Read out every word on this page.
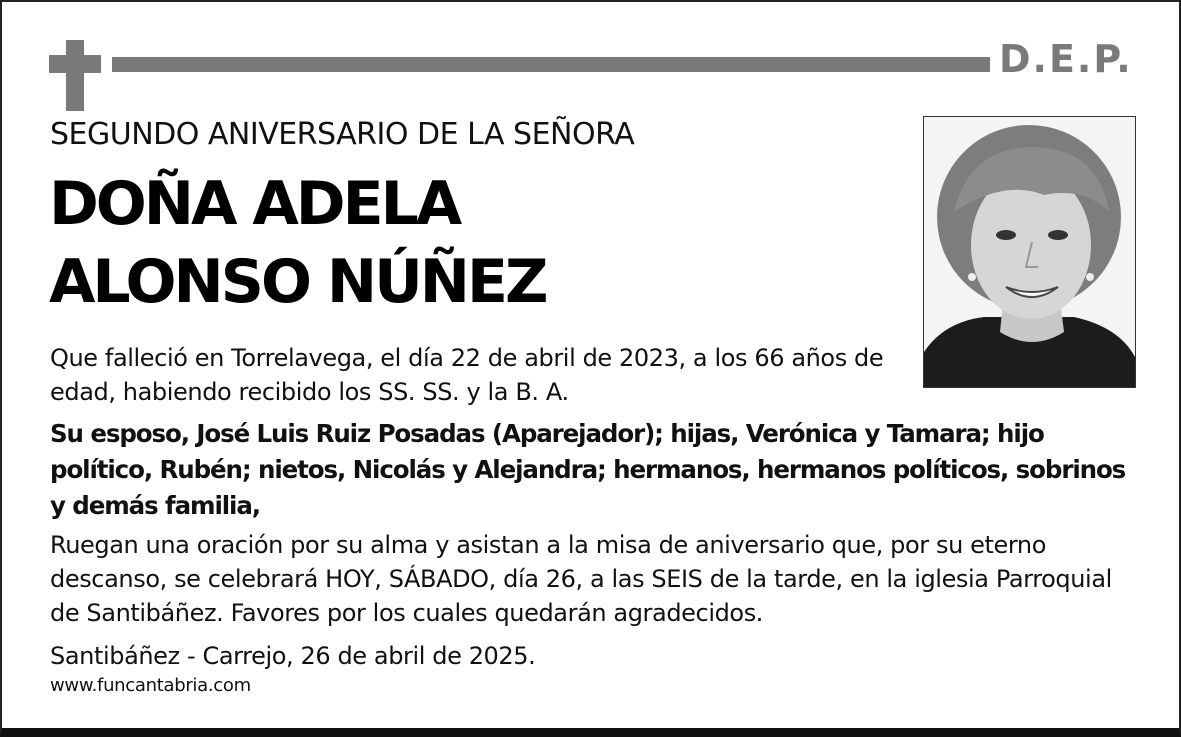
D.E.P.
SEGUNDO ANIVERSARIO DE LA SEÑORA
DOÑA ADELA
ALONSO NÚÑEZ
Que falleció en Torrelavega, el día 22 de abril de 2023, a los 66 años de edad, habiendo recibido los SS. SS. y la B. A.
Su esposo, José Luis Ruiz Posadas (Aparejador); hijas, Verónica y Tamara; hijo político, Rubén; nietos, Nicolás y Alejandra; hermanos, hermanos políticos, sobrinos y demás familia,
Ruegan una oración por su alma y asistan a la misa de aniversario que, por su eterno descanso, se celebrará HOY, SÁBADO, día 26, a las SEIS de la tarde, en la iglesia Parroquial de Santibáñez. Favores por los cuales quedarán agradecidos.
Santibáñez - Carrejo, 26 de abril de 2025.
www.funcantabria.com
